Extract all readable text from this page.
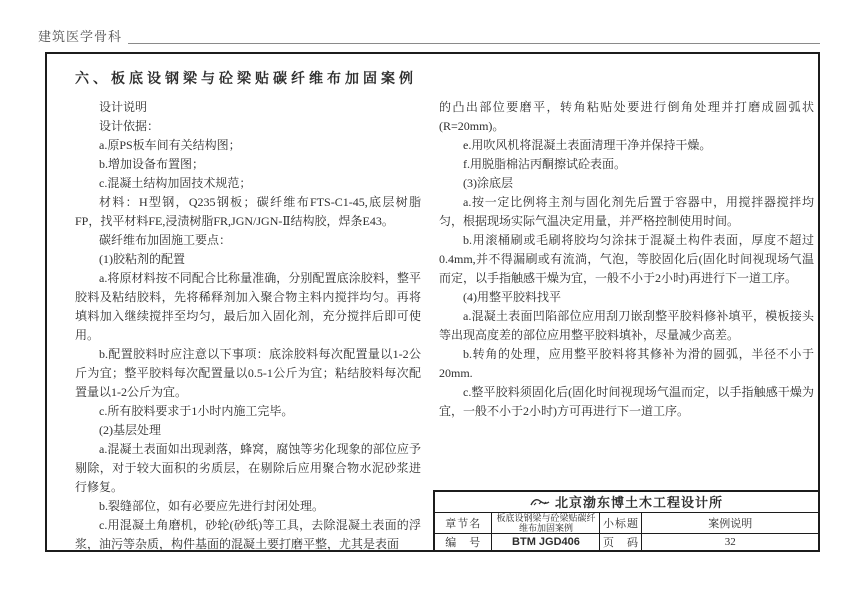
建筑医学骨科
六、板底设钢梁与砼梁贴碳纤维布加固案例

设计说明

设计依据：

a.原PS板车间有关结构图；

b.增加设备布置图；

c.混凝土结构加固技术规范；

材料：H型钢，Q235钢板；碳纤维布FTS-C1-45,底层树脂FP，找平材料FE,浸渍树脂FR,JGN/JGN-Ⅱ结构胶，焊条E43。

碳纤维布加固施工要点：

(1)胶粘剂的配置

a.将原材料按不同配合比称量准确，分别配置底涂胶料，整平胶料及粘结胶料，先将稀释剂加入聚合物主料内搅拌均匀。再将填料加入继续搅拌至均匀，最后加入固化剂，充分搅拌后即可使用。

b.配置胶料时应注意以下事项：底涂胶料每次配置量以1-2公斤为宜；整平胶料每次配置量以0.5-1公斤为宜；粘结胶料每次配置量以1-2公斤为宜。

c.所有胶料要求于1小时内施工完毕。

(2)基层处理

a.混凝土表面如出现剥落，蜂窝，腐蚀等劣化现象的部位应予剔除，对于较大面积的劣质层，在剔除后应用聚合物水泥砂浆进行修复。

b.裂缝部位，如有必要应先进行封闭处理。

c.用混凝土角磨机，砂轮(砂纸)等工具，去除混凝土表面的浮浆，油污等杂质，构件基面的混凝土要打磨平整，尤其是表面

的凸出部位要磨平，转角粘贴处要进行倒角处理并打磨成圆弧状(R=20mm)。

e.用吹风机将混凝土表面清理干净并保持干燥。

f.用脱脂棉沾丙酮擦试砼表面。

(3)涂底层

a.按一定比例将主剂与固化剂先后置于容器中，用搅拌器搅拌均匀，根据现场实际气温决定用量，并严格控制使用时间。

b.用滚桶刷或毛刷将胶均匀涂抹于混凝土构件表面，厚度不超过0.4mm,并不得漏刷或有流淌，气泡，等胶固化后(固化时间视现场气温而定，以手指触感干燥为宜，一般不小于2小时)再进行下一道工序。

(4)用整平胶料找平

a.混凝土表面凹陷部位应用刮刀嵌刮整平胶料修补填平，模板接头等出现高度差的部位应用整平胶料填补，尽量减少高差。

b.转角的处理，应用整平胶料将其修补为滑的圆弧，半径不小于20mm.

c.整平胶料须固化后(固化时间视现场气温而定，以手指触感干燥为宜，一般不小于2小时)方可再进行下一道工序。

北京渤东博土木工程设计所			
章节名	板底设钢梁与砼梁贴碳纤维布加固案例	小标题	案例说明
编　号	BTM JGD406	页　码	32
